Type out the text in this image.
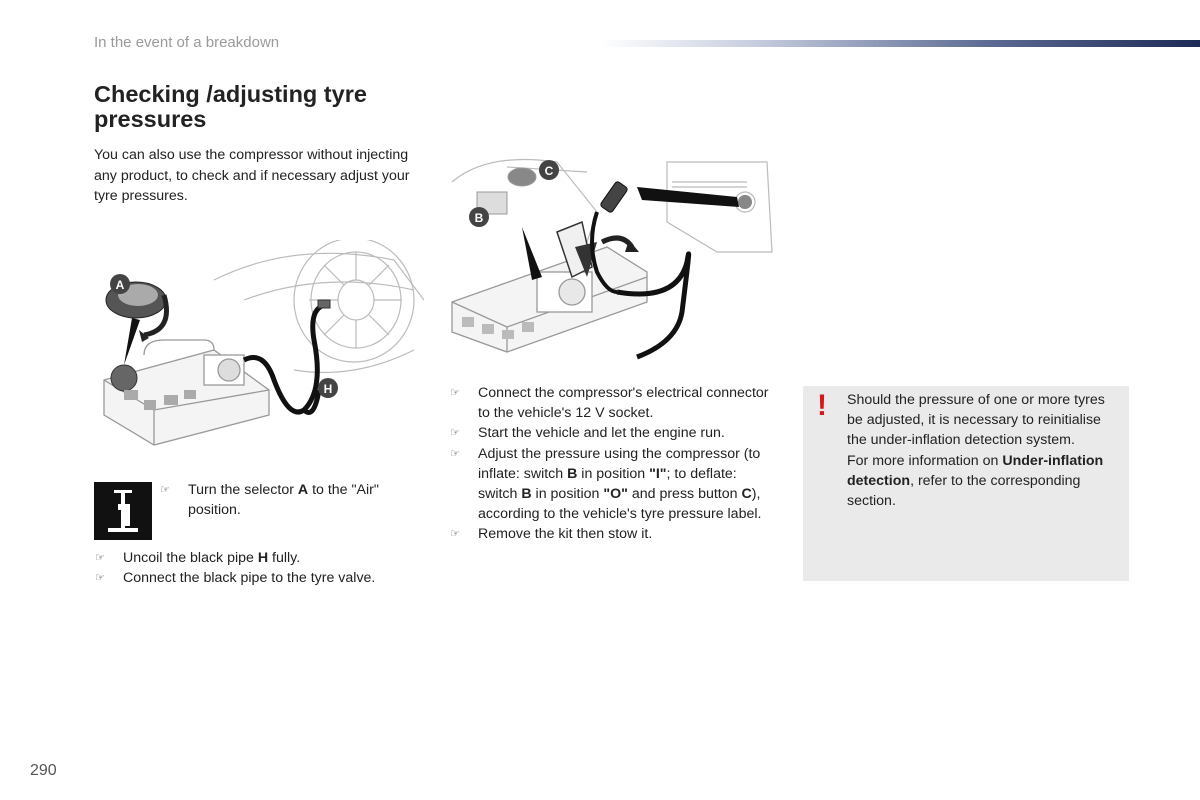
In the event of a breakdown
Checking /adjusting tyre pressures
You can also use the compressor without injecting any product, to check and if necessary adjust your tyre pressures.
A
H
C
B
☞ Turn the selector A to the "Air" position.
☞ Uncoil the black pipe H fully.
☞ Connect the black pipe to the tyre valve.
☞ Connect the compressor's electrical connector to the vehicle's 12 V socket.
☞ Start the vehicle and let the engine run.
☞ Adjust the pressure using the compressor (to inflate: switch B in position "I"; to deflate: switch B in position "O" and press button C), according to the vehicle's tyre pressure label.
☞ Remove the kit then stow it.
! Should the pressure of one or more tyres be adjusted, it is necessary to reinitialise the under-inflation detection system.

For more information on Under-inflation detection, refer to the corresponding section.

290
